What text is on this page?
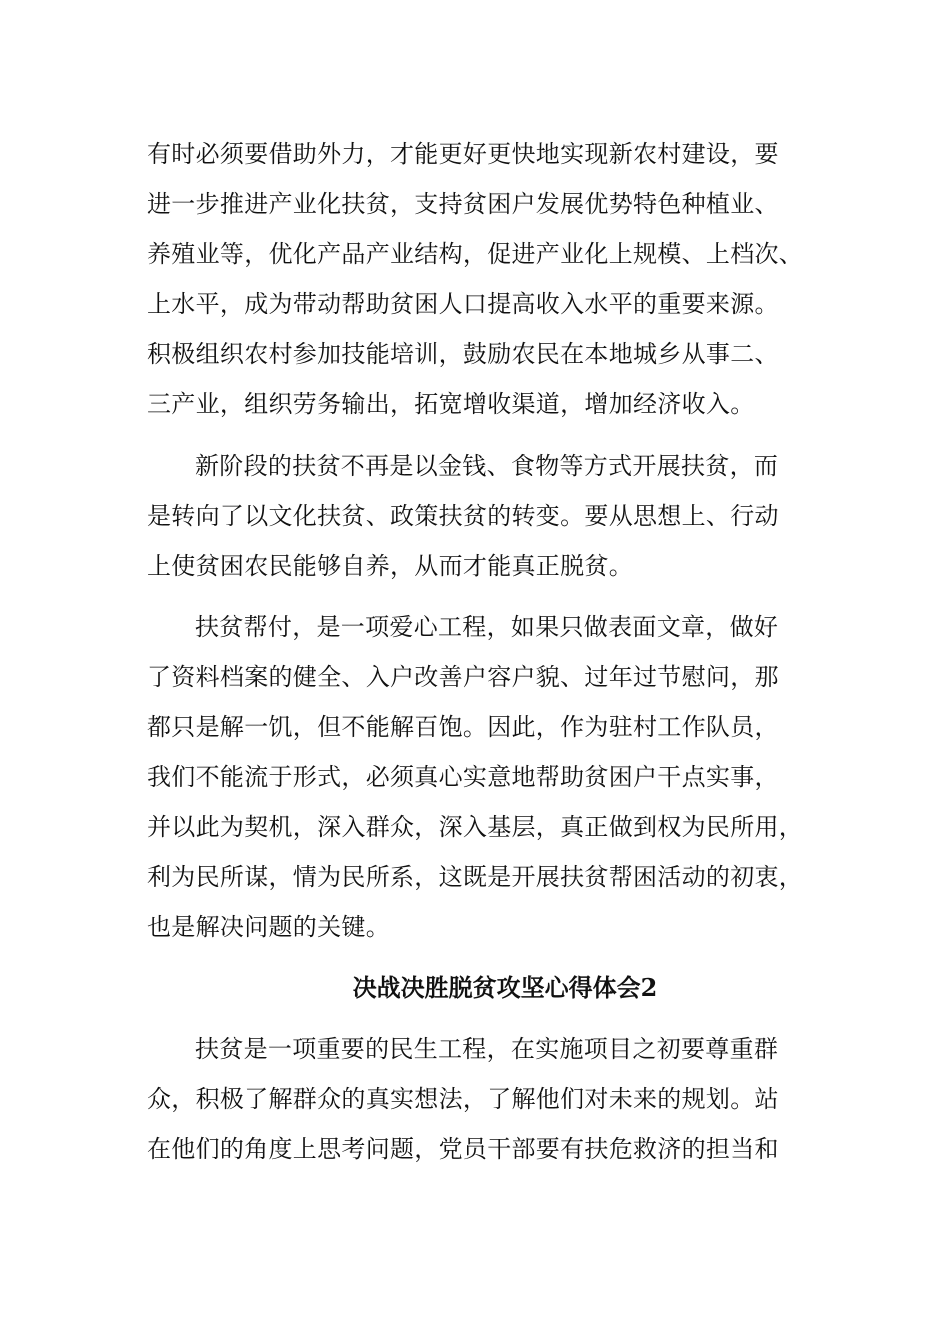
有时必须要借助外力，才能更好更快地实现新农村建设，要
进一步推进产业化扶贫，支持贫困户发展优势特色种植业、
养殖业等，优化产品产业结构，促进产业化上规模、上档次、
上水平，成为带动帮助贫困人口提高收入水平的重要来源。
积极组织农村参加技能培训，鼓励农民在本地城乡从事二、
三产业，组织劳务输出，拓宽增收渠道，增加经济收入。
新阶段的扶贫不再是以金钱、食物等方式开展扶贫，而
是转向了以文化扶贫、政策扶贫的转变。要从思想上、行动
上使贫困农民能够自养，从而才能真正脱贫。
扶贫帮付，是一项爱心工程，如果只做表面文章，做好
了资料档案的健全、入户改善户容户貌、过年过节慰问，那
都只是解一饥，但不能解百饱。因此，作为驻村工作队员，
我们不能流于形式，必须真心实意地帮助贫困户干点实事，
并以此为契机，深入群众，深入基层，真正做到权为民所用，
利为民所谋，情为民所系，这既是开展扶贫帮困活动的初衷，
也是解决问题的关键。
决战决胜脱贫攻坚心得体会2
扶贫是一项重要的民生工程，在实施项目之初要尊重群
众，积极了解群众的真实想法，了解他们对未来的规划。站
在他们的角度上思考问题，党员干部要有扶危救济的担当和
